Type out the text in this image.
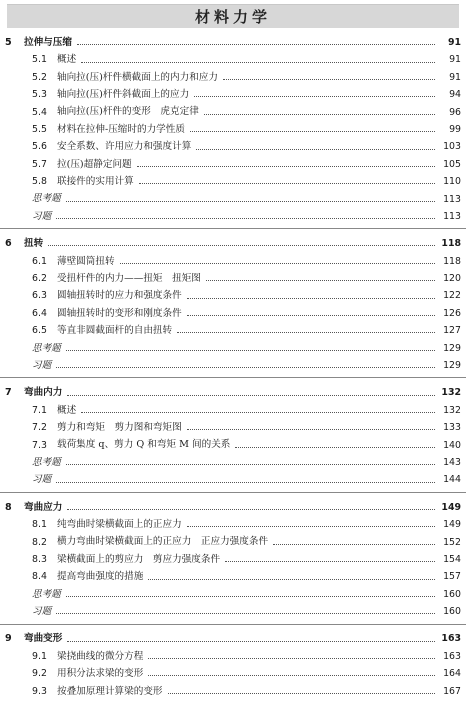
材料力学
5	拉伸与压缩	91
5.1	概述	91
5.2	轴向拉(压)杆件横截面上的内力和应力	91
5.3	轴向拉(压)杆件斜截面上的应力	94
5.4	轴向拉(压)杆件的变形　虎克定律	96
5.5	材料在拉伸-压缩时的力学性质	99
5.6	安全系数、许用应力和强度计算	103
5.7	拉(压)超静定问题	105
5.8	联接件的实用计算	110
思考题	113
习题	113
6	扭转	118
6.1	薄壁圆筒扭转	118
6.2	受扭杆件的内力——扭矩　扭矩图	120
6.3	圆轴扭转时的应力和强度条件	122
6.4	圆轴扭转时的变形和刚度条件	126
6.5	等直非圆截面杆的自由扭转	127
思考题	129
习题	129
7	弯曲内力	132
7.1	概述	132
7.2	剪力和弯矩　剪力图和弯矩图	133
7.3	载荷集度 q、剪力 Q 和弯矩 M 间的关系	140
思考题	143
习题	144
8	弯曲应力	149
8.1	纯弯曲时梁横截面上的正应力	149
8.2	横力弯曲时梁横截面上的正应力　正应力强度条件	152
8.3	梁横截面上的剪应力　剪应力强度条件	154
8.4	提高弯曲强度的措施	157
思考题	160
习题	160
9	弯曲变形	163
9.1	梁挠曲线的微分方程	163
9.2	用积分法求梁的变形	164
9.3	按叠加原理计算梁的变形	167
